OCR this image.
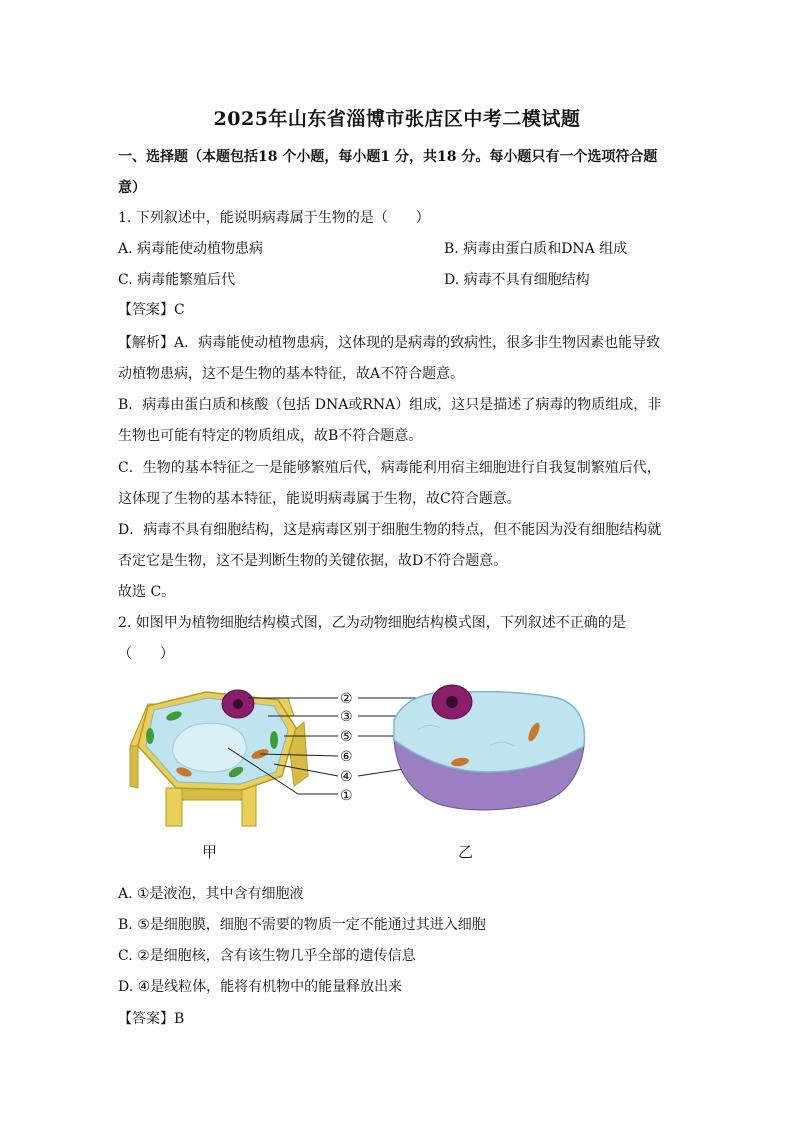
2025年山东省淄博市张店区中考二模试题
一、选择题（本题包括18 个小题，每小题1 分，共18 分。每小题只有一个选项符合题
意）
1. 下列叙述中，能说明病毒属于生物的是（　　）
A. 病毒能使动植物患病	B. 病毒由蛋白质和DNA 组成
C. 病毒能繁殖后代	D. 病毒不具有细胞结构
【答案】C
【解析】A．病毒能使动植物患病，这体现的是病毒的致病性，很多非生物因素也能导致
动植物患病，这不是生物的基本特征，故A不符合题意。
B．病毒由蛋白质和核酸（包括 DNA或RNA）组成，这只是描述了病毒的物质组成，非
生物也可能有特定的物质组成，故B不符合题意。
C．生物的基本特征之一是能够繁殖后代，病毒能利用宿主细胞进行自我复制繁殖后代，
这体现了生物的基本特征，能说明病毒属于生物，故C符合题意。
D．病毒不具有细胞结构，这是病毒区别于细胞生物的特点，但不能因为没有细胞结构就
否定它是生物，这不是判断生物的关键依据，故D不符合题意。
故选 C。
2. 如图甲为植物细胞结构模式图，乙为动物细胞结构模式图，下列叙述不正确的是
（　　）
②
③
⑤
⑥
④
①
甲	乙
A. ①是液泡，其中含有细胞液
B. ⑤是细胞膜，细胞不需要的物质一定不能通过其进入细胞
C. ②是细胞核，含有该生物几乎全部的遗传信息
D. ④是线粒体，能将有机物中的能量释放出来
【答案】B
